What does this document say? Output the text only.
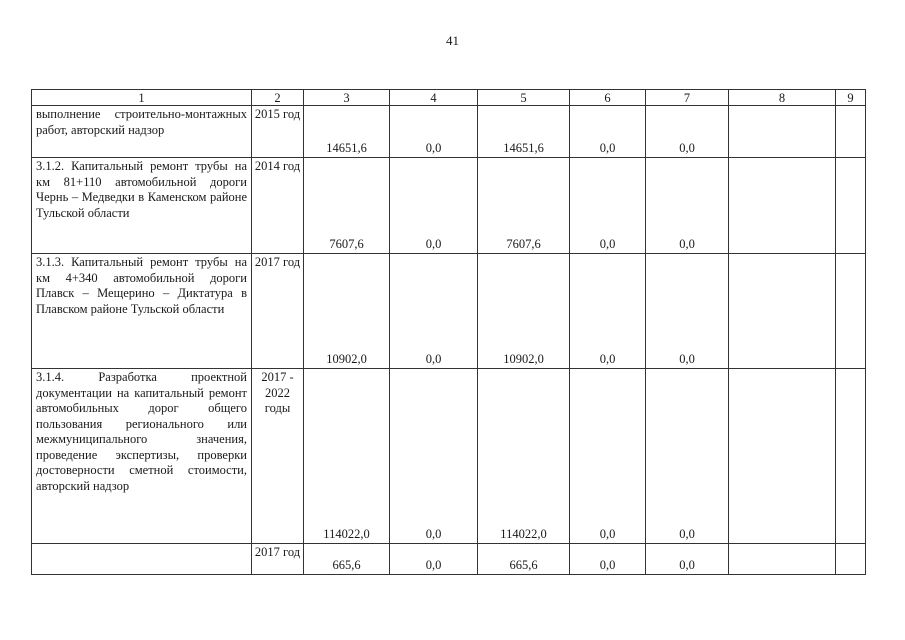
41
1	2	3	4	5	6	7	8	9
выполнение строительно-монтажных работ, авторский надзор	2015 год	14651,6	0,0	14651,6	0,0	0,0		
3.1.2. Капитальный ремонт трубы на км 81+110 автомобильной дороги Чернь – Медведки в Каменском районе Тульской области	2014 год	7607,6	0,0	7607,6	0,0	0,0		
3.1.3. Капитальный ремонт трубы на км 4+340 автомобильной дороги Плавск – Мещерино – Диктатура в Плавском районе Тульской области	2017 год	10902,0	0,0	10902,0	0,0	0,0		
3.1.4. Разработка проектной документации на капитальный ремонт автомобильных дорог общего пользования регионального или межмуниципального значения, проведение экспертизы, проверки достоверности сметной стоимости, авторский надзор	2017 - 2022 годы	114022,0	0,0	114022,0	0,0	0,0		
	2017 год	665,6	0,0	665,6	0,0	0,0		
